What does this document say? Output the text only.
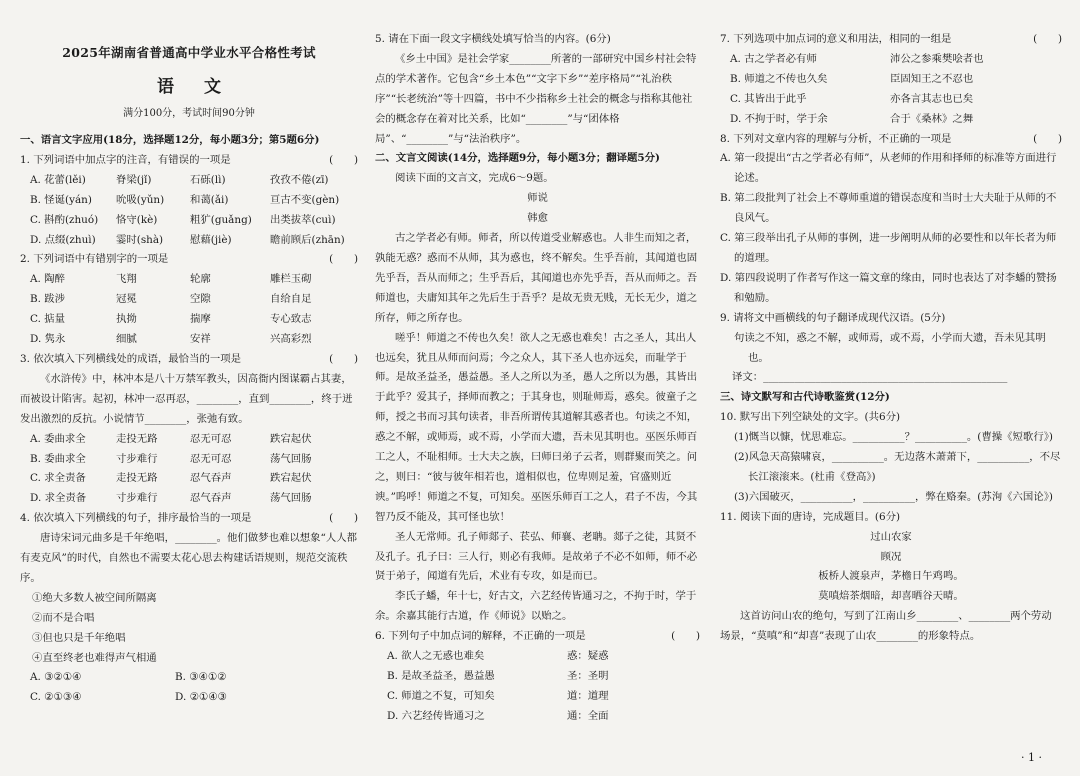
2025年湖南省普通高中学业水平合格性考试
语文
满分100分，考试时间90分钟
一、语言文字应用(18分，选择题12分，每小题3分；第5题6分)
1. 下列词语中加点字的注音，有错误的一项是	(　　)
A. 花蕾(lěi)	脊梁(jǐ)	石砾(lì)	孜孜不倦(zī)
B. 怪诞(yán)	吮吸(yǔn)	和蔼(ǎi)	亘古不变(gèn)
C. 斟酌(zhuó)	恪守(kè)	粗犷(guǎng)	出类拔萃(cuì)
D. 点缀(zhuì)	霎时(shà)	慰藉(jiè)	瞻前顾后(zhān)
2. 下列词语中有错别字的一项是	(　　)
A. 陶醉	飞翔	轮廓	雕栏玉砌
B. 跋涉	冠冕	空隙	自给自足
C. 掂量	执拗	揣摩	专心致志
D. 隽永	细腻	安祥	兴高彩烈
3. 依次填入下列横线处的成语，最恰当的一项是	(　　)
《水浒传》中，林冲本是八十万禁军教头，因高衙内图谋霸占其妻，而被设计陷害。起初，林冲一忍再忍，________，直到________，终于迸发出激烈的反抗。小说情节________，张弛有致。
A. 委曲求全	走投无路	忍无可忍	跌宕起伏
B. 委曲求全	寸步难行	忍无可忍	荡气回肠
C. 求全责备	走投无路	忍气吞声	跌宕起伏
D. 求全责备	寸步难行	忍气吞声	荡气回肠
4. 依次填入下列横线的句子，排序最恰当的一项是	(　　)
唐诗宋词元曲多是千年绝唱，________。他们做梦也难以想象“人人都有麦克风”的时代，自然也不需要太花心思去构建话语规则，规范交流秩序。
①绝大多数人被空间所隔离
②而不是合唱
③但也只是千年绝唱
④直至终老也难得声气相通
A. ③②①④	B. ③④①②
C. ②①③④	D. ②①④③
5. 请在下面一段文字横线处填写恰当的内容。(6分)
《乡土中国》是社会学家________所著的一部研究中国乡村社会特点的学术著作。它包含“乡土本色”“文字下乡”“差序格局”“礼治秩序”“长老统治”等十四篇，书中不少指称乡土社会的概念与指称其他社会的概念存在着对比关系，比如“________”与“团体格局”、“________”与“法治秩序”。
二、文言文阅读(14分，选择题9分，每小题3分；翻译题5分)
阅读下面的文言文，完成6～9题。
师说
韩愈
古之学者必有师。师者，所以传道受业解惑也。人非生而知之者，孰能无惑？惑而不从师，其为惑也，终不解矣。生乎吾前，其闻道也固先乎吾，吾从而师之；生乎吾后，其闻道也亦先乎吾，吾从而师之。吾师道也，夫庸知其年之先后生于吾乎？是故无贵无贱，无长无少，道之所存，师之所存也。
嗟乎！师道之不传也久矣！欲人之无惑也难矣！古之圣人，其出人也远矣，犹且从师而问焉；今之众人，其下圣人也亦远矣，而耻学于师。是故圣益圣，愚益愚。圣人之所以为圣，愚人之所以为愚，其皆出于此乎？爱其子，择师而教之；于其身也，则耻师焉，惑矣。彼童子之师，授之书而习其句读者，非吾所谓传其道解其惑者也。句读之不知，惑之不解，或师焉，或不焉，小学而大遗，吾未见其明也。巫医乐师百工之人，不耻相师。士大夫之族，曰师曰弟子云者，则群聚而笑之。问之，则曰：“彼与彼年相若也，道相似也，位卑则足羞，官盛则近谀。”呜呼！师道之不复，可知矣。巫医乐师百工之人，君子不齿，今其智乃反不能及，其可怪也欤！
圣人无常师。孔子师郯子、苌弘、师襄、老聃。郯子之徒，其贤不及孔子。孔子曰：三人行，则必有我师。是故弟子不必不如师，师不必贤于弟子，闻道有先后，术业有专攻，如是而已。
李氏子蟠，年十七，好古文，六艺经传皆通习之，不拘于时，学于余。余嘉其能行古道，作《师说》以贻之。
6. 下列句子中加点词的解释，不正确的一项是	(　　)
A. 欲人之无惑也难矣	惑：疑惑
B. 是故圣益圣，愚益愚	圣：圣明
C. 师道之不复，可知矣	道：道理
D. 六艺经传皆通习之	通：全面
7. 下列选项中加点词的意义和用法，相同的一组是	(　　)
A. 古之学者必有师	沛公之参乘樊哙者也
B. 师道之不传也久矣	臣固知王之不忍也
C. 其皆出于此乎	亦各言其志也已矣
D. 不拘于时，学于余	合于《桑林》之舞
8. 下列对文章内容的理解与分析，不正确的一项是	(　　)
A. 第一段提出“古之学者必有师”，从老师的作用和择师的标准等方面进行论述。
B. 第二段批判了社会上不尊师重道的错误态度和当时士大夫耻于从师的不良风气。
C. 第三段举出孔子从师的事例，进一步阐明从师的必要性和以年长者为师的道理。
D. 第四段说明了作者写作这一篇文章的缘由，同时也表达了对李蟠的赞扬和勉励。
9. 请将文中画横线的句子翻译成现代汉语。(5分)
句读之不知，惑之不解，或师焉，或不焉，小学而大遗，吾未见其明也。
译文：_______________________________________________
三、诗文默写和古代诗歌鉴赏(12分)
10. 默写出下列空缺处的文字。(共6分)
(1)慨当以慷，忧思难忘。__________？__________。(曹操《短歌行》)
(2)风急天高猿啸哀，__________。无边落木萧萧下，__________，不尽长江滚滚来。(杜甫《登高》)
(3)六国破灭，__________，__________，弊在赂秦。(苏洵《六国论》)
11. 阅读下面的唐诗，完成题目。(6分)
过山农家
顾况
板桥人渡泉声，茅檐日午鸡鸣。
莫嗔焙茶烟暗，却喜晒谷天晴。
这首访问山农的绝句，写到了江南山乡________、________两个劳动场景，“莫嗔”和“却喜”表现了山农________的形象特点。
· 1 ·
